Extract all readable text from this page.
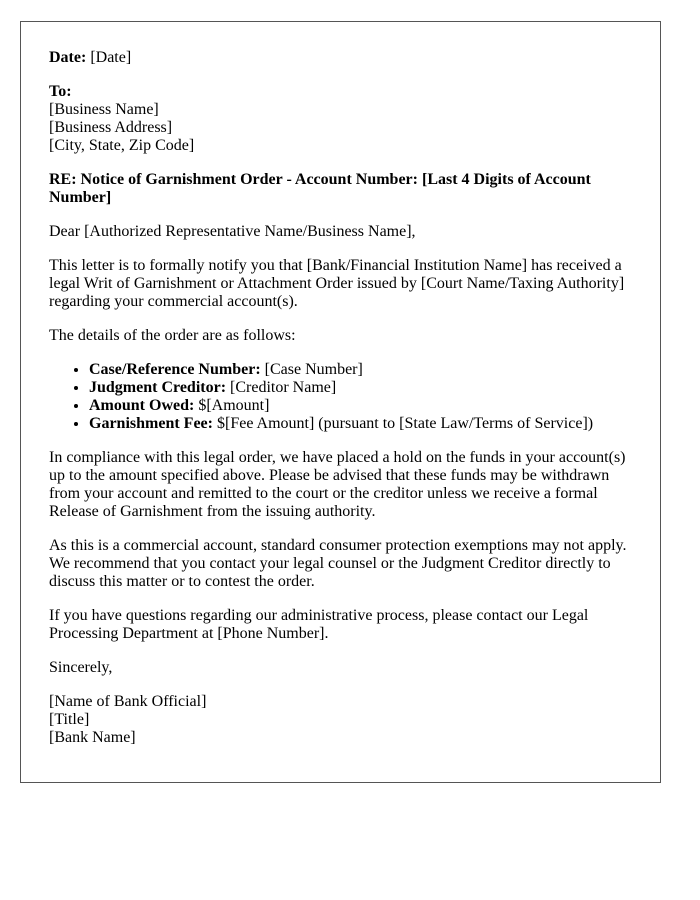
Date: [Date]

To:
[Business Name]
[Business Address]
[City, State, Zip Code]

RE: Notice of Garnishment Order - Account Number: [Last 4 Digits of Account Number]

Dear [Authorized Representative Name/Business Name],

This letter is to formally notify you that [Bank/Financial Institution Name] has received a legal Writ of Garnishment or Attachment Order issued by [Court Name/Taxing Authority] regarding your commercial account(s).

The details of the order are as follows:

• Case/Reference Number: [Case Number]
• Judgment Creditor: [Creditor Name]
• Amount Owed: $[Amount]
• Garnishment Fee: $[Fee Amount] (pursuant to [State Law/Terms of Service])

In compliance with this legal order, we have placed a hold on the funds in your account(s) up to the amount specified above. Please be advised that these funds may be withdrawn from your account and remitted to the court or the creditor unless we receive a formal Release of Garnishment from the issuing authority.

As this is a commercial account, standard consumer protection exemptions may not apply. We recommend that you contact your legal counsel or the Judgment Creditor directly to discuss this matter or to contest the order.

If you have questions regarding our administrative process, please contact our Legal Processing Department at [Phone Number].

Sincerely,

[Name of Bank Official]
[Title]
[Bank Name]
